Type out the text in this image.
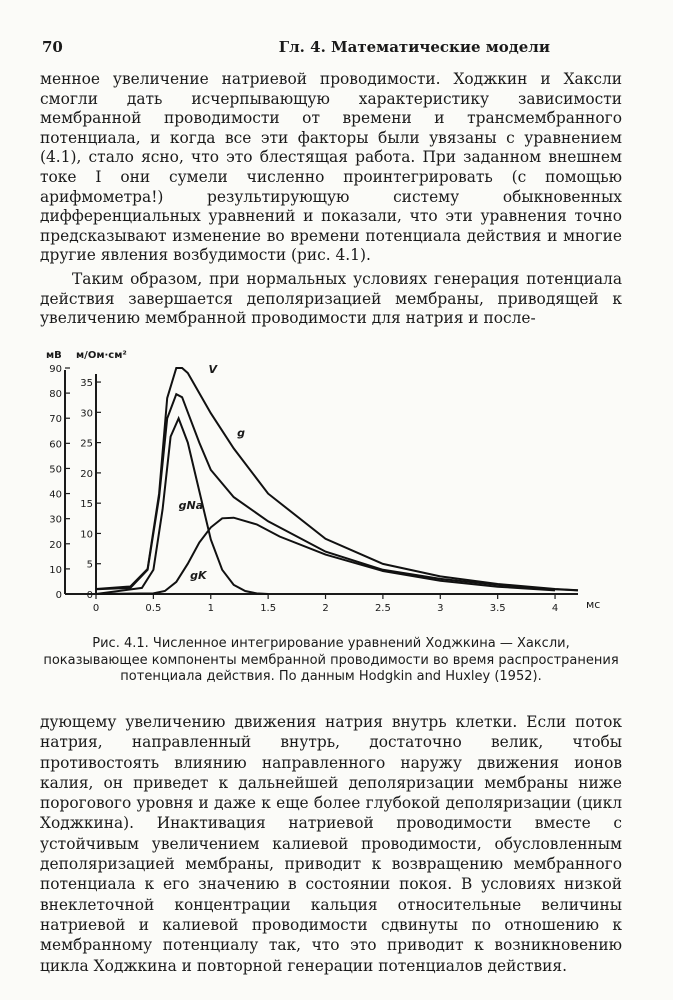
70	Гл. 4. Математические модели

менное увеличение натриевой проводимости. Ходжкин и Хаксли смогли дать исчерпывающую характеристику зависимости мембранной проводимости от времени и трансмембранного потенциала, и когда все эти факторы были увязаны с уравнением (4.1), стало ясно, что это блестящая работа. При заданном внешнем токе I они сумели численно проинтегрировать (с помощью арифмометра!) результирующую систему обыкновенных дифференциальных уравнений и показали, что эти уравнения точно предсказывают изменение во времени потенциала действия и многие другие явления возбудимости (рис. 4.1).

Таким образом, при нормальных условиях генерация потенциала действия завершается деполяризацией мембраны, приводящей к увеличению мембранной проводимости для натрия и после-

мВ м/Ом·см²
мс
0
10
20
30
40
50
60
70
80
90
0
5
10
15
20
25
30
35
0	0.5	1	1.5	2	2.5	3	3.5	4
V
g
gNa
gK
Рис. 4.1. Численное интегрирование уравнений Ходжкина — Хаксли, показывающее компоненты мембранной проводимости во время распространения потенциала действия. По данным Hodgkin and Huxley (1952).

дующему увеличению движения натрия внутрь клетки. Если поток натрия, направленный внутрь, достаточно велик, чтобы противостоять влиянию направленного наружу движения ионов калия, он приведет к дальнейшей деполяризации мембраны ниже порогового уровня и даже к еще более глубокой деполяризации (цикл Ходжкина). Инактивация натриевой проводимости вместе с устойчивым увеличением калиевой проводимости, обусловленным деполяризацией мембраны, приводит к возвращению мембранного потенциала к его значению в состоянии покоя. В условиях низкой внеклеточной концентрации кальция относительные величины натриевой и калиевой проводимости сдвинуты по отношению к мембранному потенциалу так, что это приводит к возникновению цикла Ходжкина и повторной генерации потенциалов действия.
